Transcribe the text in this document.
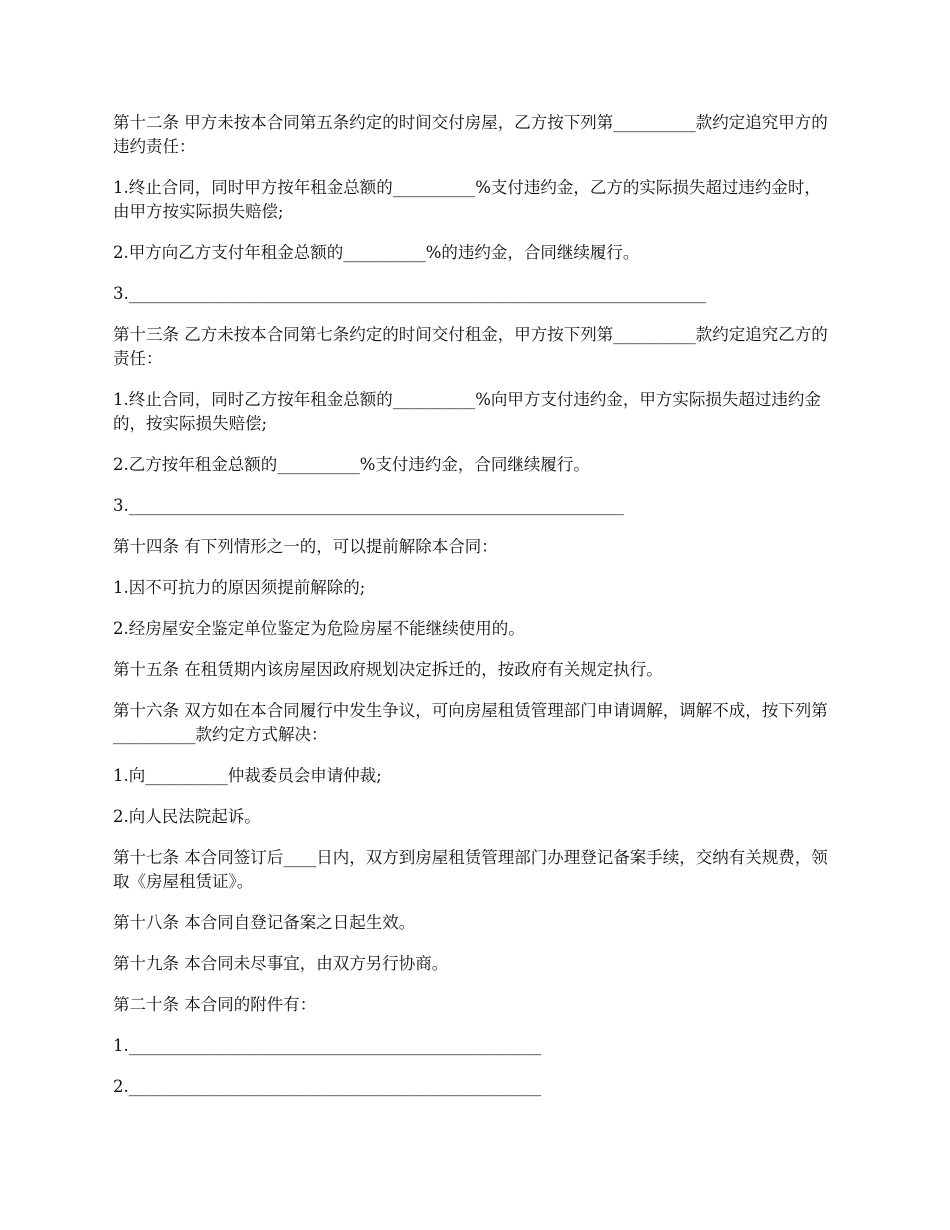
第十二条 甲方未按本合同第五条约定的时间交付房屋，乙方按下列第__________款约定追究甲方的违约责任：

1.终止合同，同时甲方按年租金总额的__________%支付违约金，乙方的实际损失超过违约金时，由甲方按实际损失赔偿;

2.甲方向乙方支付年租金总额的__________%的违约金，合同继续履行。

3.______________________________________________________________________

第十三条 乙方未按本合同第七条约定的时间交付租金，甲方按下列第__________款约定追究乙方的责任：

1.终止合同，同时乙方按年租金总额的__________%向甲方支付违约金，甲方实际损失超过违约金的，按实际损失赔偿;

2.乙方按年租金总额的__________%支付违约金，合同继续履行。

3.____________________________________________________________

第十四条 有下列情形之一的，可以提前解除本合同：

1.因不可抗力的原因须提前解除的;

2.经房屋安全鉴定单位鉴定为危险房屋不能继续使用的。

第十五条 在租赁期内该房屋因政府规划决定拆迁的，按政府有关规定执行。

第十六条 双方如在本合同履行中发生争议，可向房屋租赁管理部门申请调解，调解不成，按下列第__________款约定方式解决：

1.向__________仲裁委员会申请仲裁;

2.向人民法院起诉。

第十七条 本合同签订后____日内，双方到房屋租赁管理部门办理登记备案手续，交纳有关规费，领取《房屋租赁证》。

第十八条 本合同自登记备案之日起生效。

第十九条 本合同未尽事宜，由双方另行协商。

第二十条 本合同的附件有：

1.__________________________________________________

2.__________________________________________________
